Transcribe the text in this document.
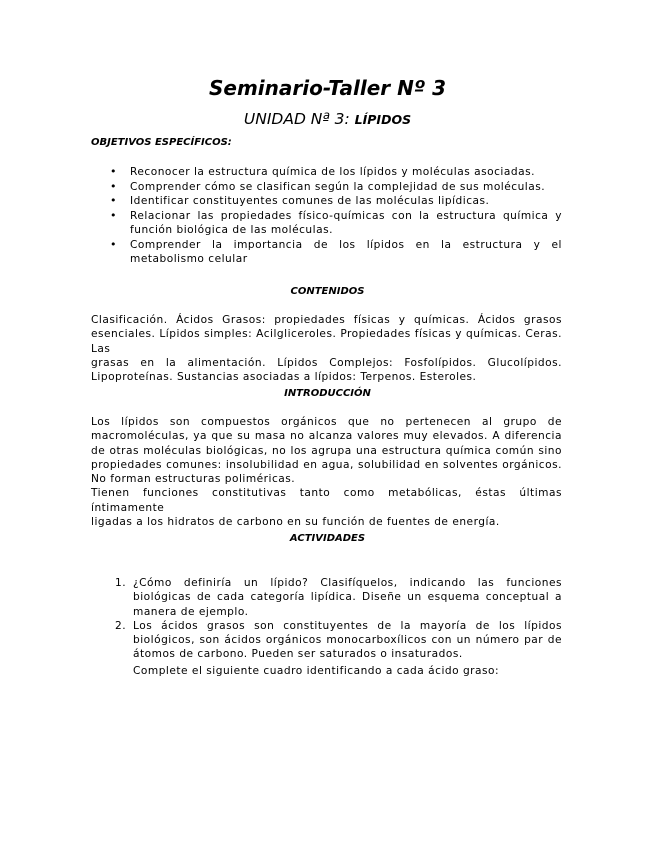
Seminario-Taller Nº 3
UNIDAD Nª 3: LÍPIDOS
OBJETIVOS ESPECÍFICOS:
• Reconocer la estructura química de los lípidos y moléculas asociadas.
• Comprender cómo se clasifican según la complejidad de sus moléculas.
• Identificar constituyentes comunes de las moléculas lipídicas.
• Relacionar las propiedades físico-químicas con la estructura química y función biológica de las moléculas.
• Comprender la importancia de los lípidos en la estructura y el metabolismo celular
CONTENIDOS
Clasificación. Ácidos Grasos: propiedades físicas y químicas. Ácidos grasos
esenciales. Lípidos simples: Acilgliceroles. Propiedades físicas y químicas. Ceras. Las
grasas en la alimentación. Lípidos Complejos: Fosfolípidos. Glucolípidos.
Lipoproteínas. Sustancias asociadas a lípidos: Terpenos. Esteroles.
INTRODUCCIÓN
Los lípidos son compuestos orgánicos que no pertenecen al grupo de
macromoléculas, ya que su masa no alcanza valores muy elevados. A diferencia
de otras moléculas biológicas, no los agrupa una estructura química común sino
propiedades comunes: insolubilidad en agua, solubilidad en solventes orgánicos.
No forman estructuras poliméricas.
Tienen funciones constitutivas tanto como metabólicas, éstas últimas íntimamente
ligadas a los hidratos de carbono en su función de fuentes de energía.
ACTIVIDADES
1. ¿Cómo definiría un lípido? Clasifíquelos, indicando las funciones biológicas de cada categoría lipídica. Diseñe un esquema conceptual a manera de ejemplo.
2. Los ácidos grasos son constituyentes de la mayoría de los lípidos biológicos, son ácidos orgánicos monocarboxílicos con un número par de átomos de carbono. Pueden ser saturados o insaturados.
Complete el siguiente cuadro identificando a cada ácido graso:
